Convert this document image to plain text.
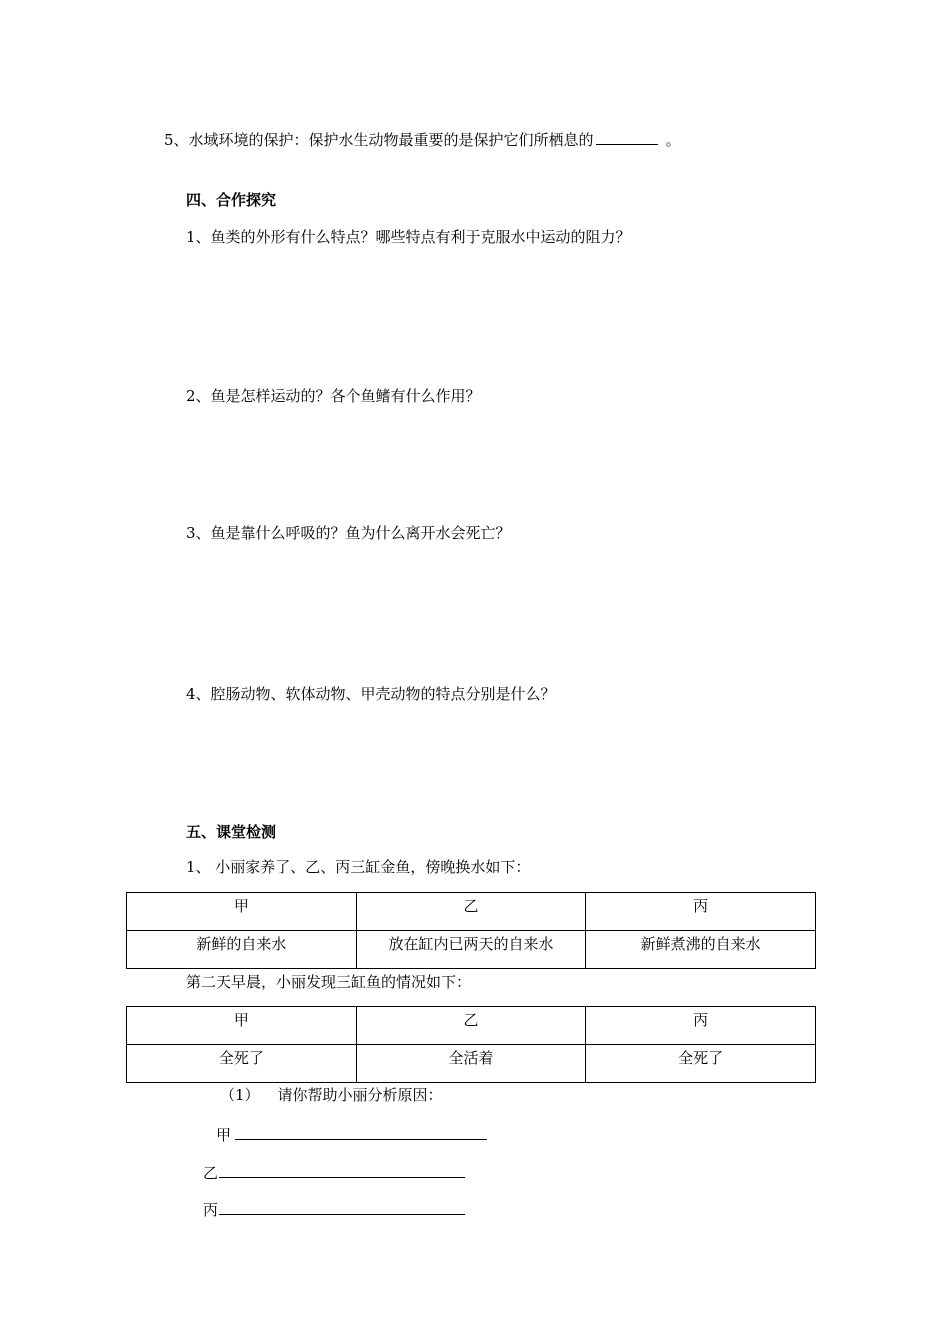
5、水域环境的保护：保护水生动物最重要的是保护它们所栖息的	。
四、合作探究
1、鱼类的外形有什么特点？哪些特点有利于克服水中运动的阻力？
2、鱼是怎样运动的？各个鱼鳍有什么作用？
3、鱼是靠什么呼吸的？鱼为什么离开水会死亡？
4、腔肠动物、软体动物、甲壳动物的特点分别是什么？
五、课堂检测
1、 小丽家养了、乙、丙三缸金鱼，傍晚换水如下：
甲	乙	丙
新鲜的自来水	放在缸内已两天的自来水	新鲜煮沸的自来水
第二天早晨，小丽发现三缸鱼的情况如下：
甲	乙	丙
全死了	全活着	全死了
（1） 请你帮助小丽分析原因：
甲
乙
丙
